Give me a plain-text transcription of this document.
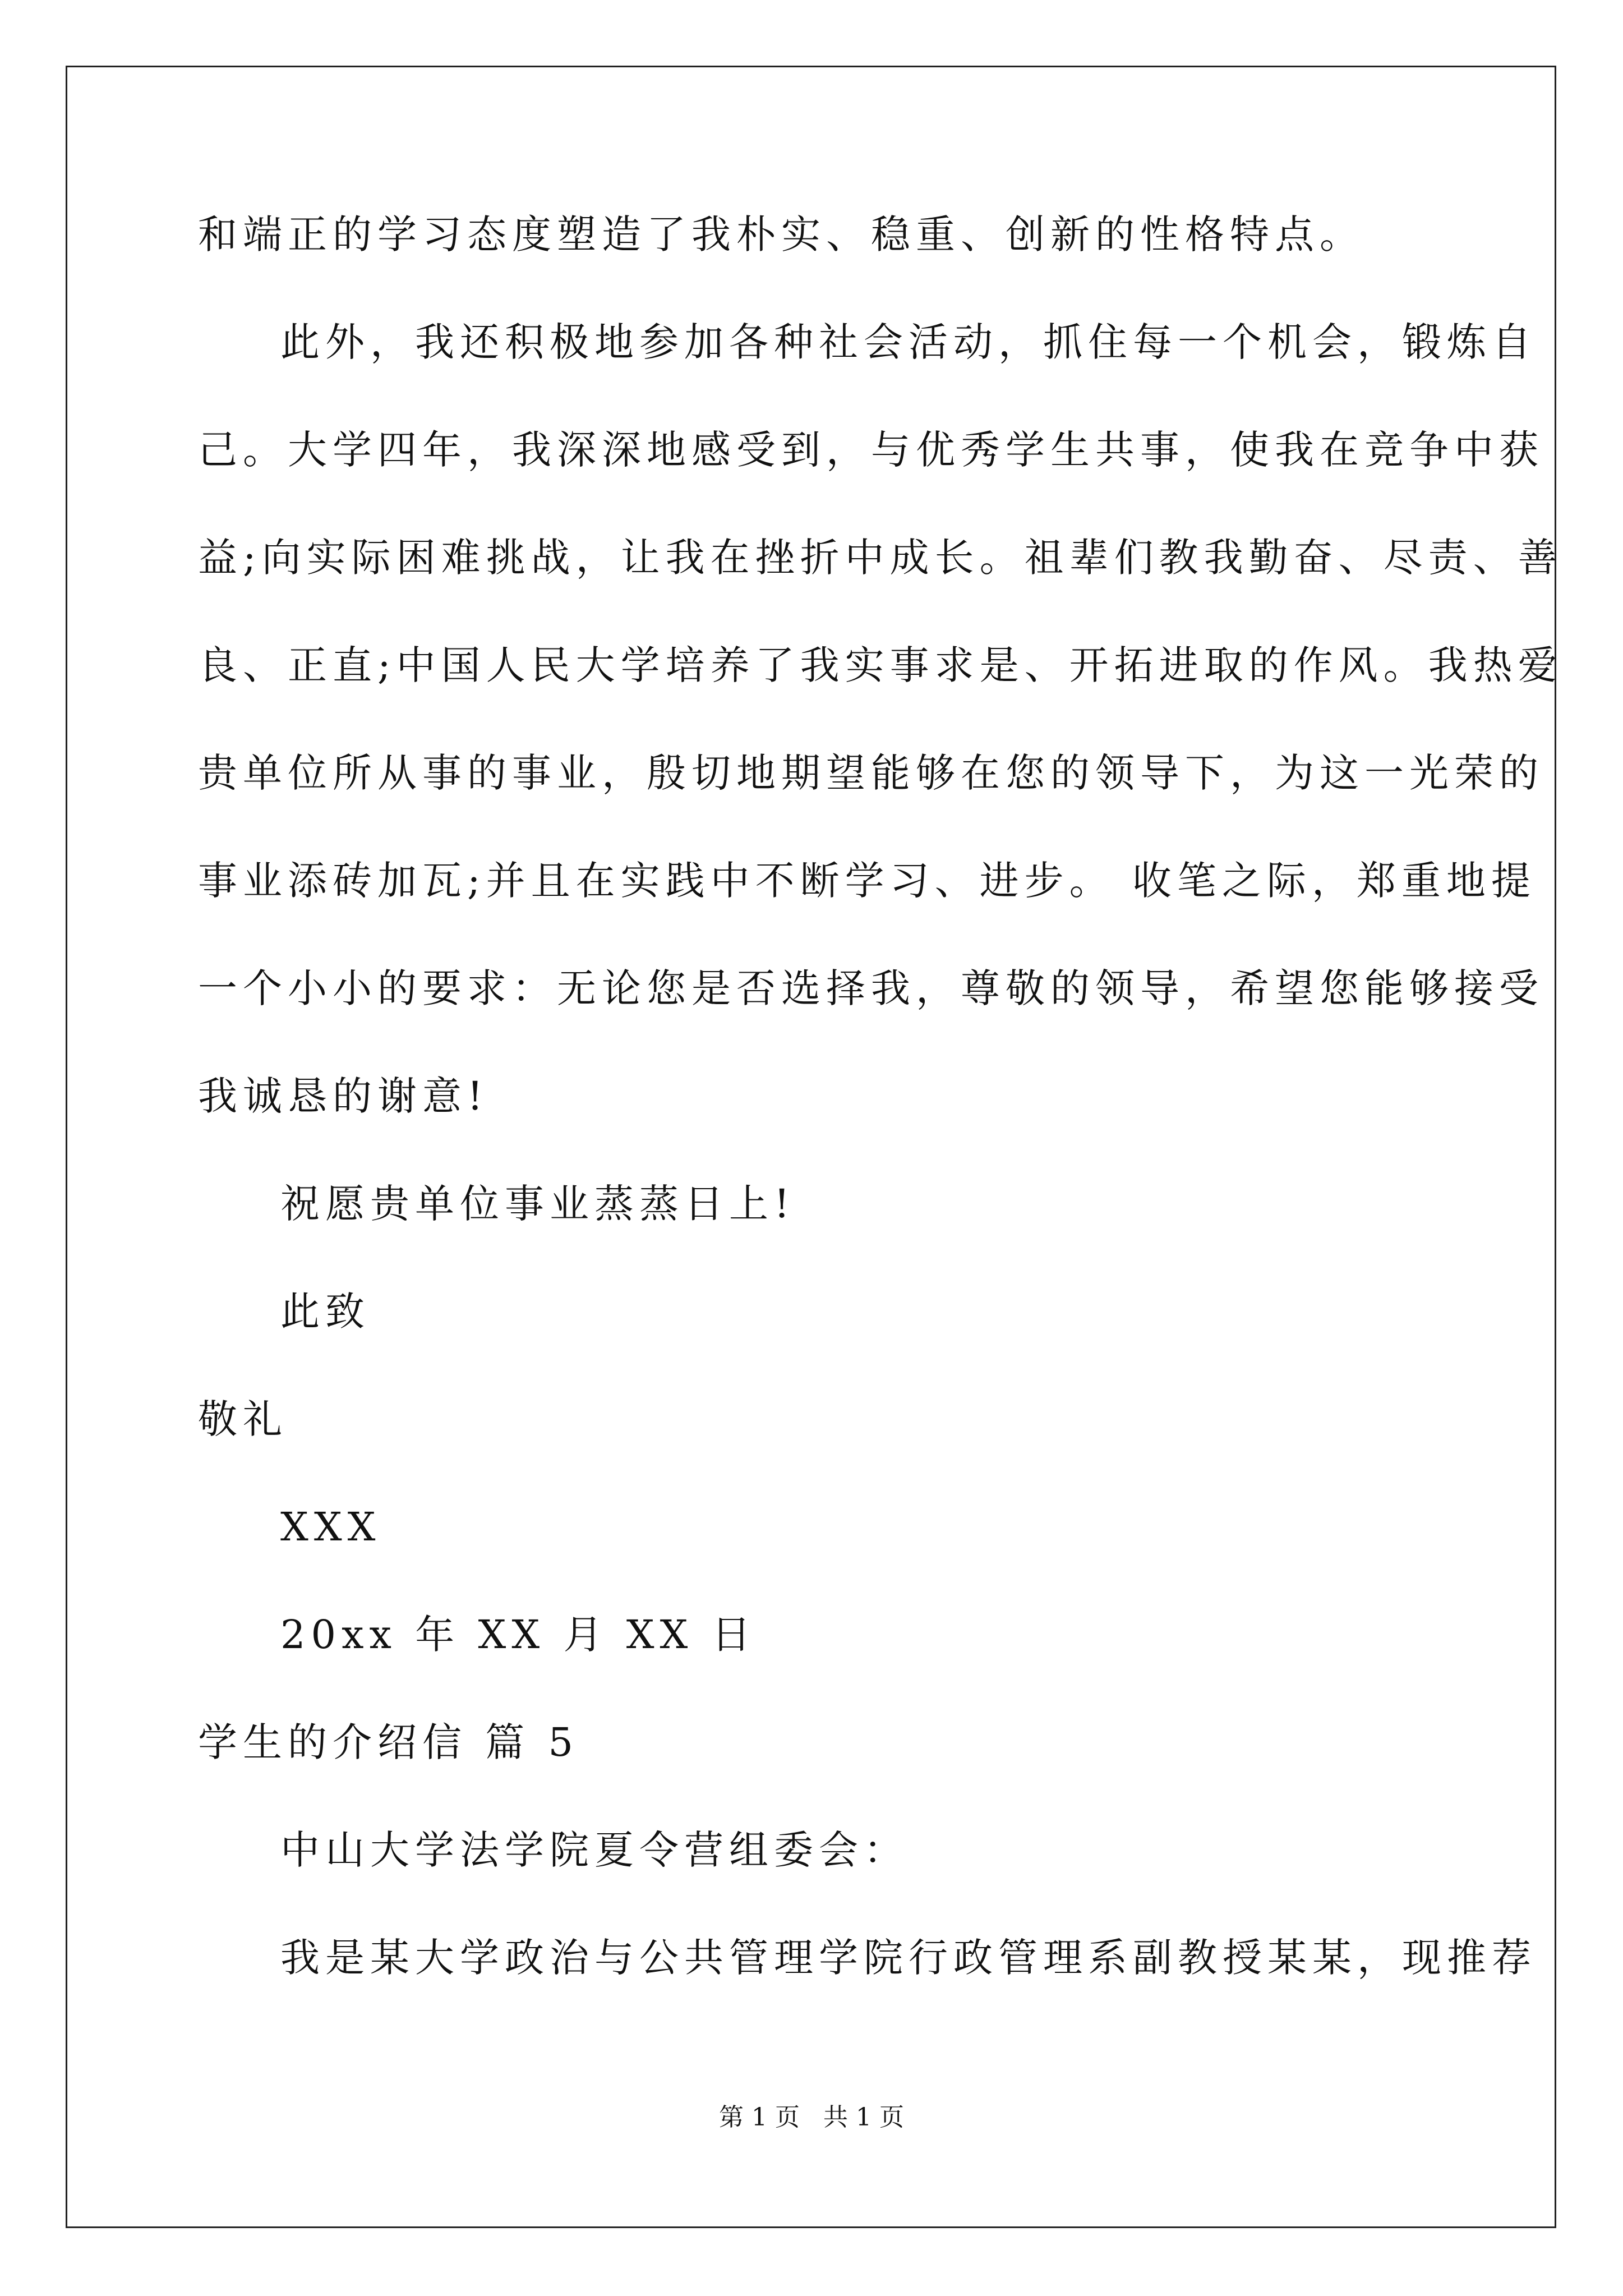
和端正的学习态度塑造了我朴实、稳重、创新的性格特点。
此外，我还积极地参加各种社会活动，抓住每一个机会，锻炼自
己。大学四年，我深深地感受到，与优秀学生共事，使我在竞争中获
益;向实际困难挑战，让我在挫折中成长。祖辈们教我勤奋、尽责、善
良、正直;中国人民大学培养了我实事求是、开拓进取的作风。我热爱
贵单位所从事的事业，殷切地期望能够在您的领导下，为这一光荣的
事业添砖加瓦;并且在实践中不断学习、进步。 收笔之际，郑重地提
一个小小的要求：无论您是否选择我，尊敬的领导，希望您能够接受
我诚恳的谢意!
祝愿贵单位事业蒸蒸日上!
此致
敬礼
XXX
20xx 年 XX 月 XX 日
学生的介绍信 篇 5
中山大学法学院夏令营组委会：
我是某大学政治与公共管理学院行政管理系副教授某某，现推荐
第 1 页 共 1 页
